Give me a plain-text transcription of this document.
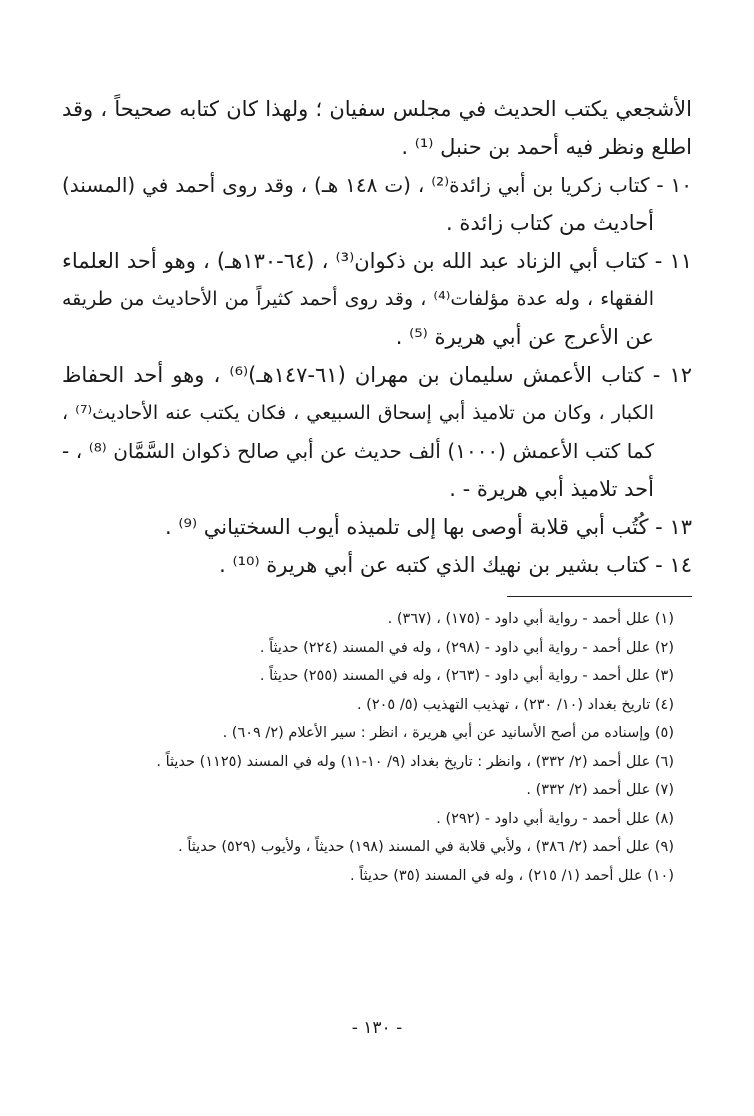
الأشجعي يكتب الحديث في مجلس سفيان ؛ ولهذا كان كتابه صحيحاً ، وقد

اطلع ونظر فيه أحمد بن حنبل ⁽¹⁾ .

١٠ - كتاب زكريا بن أبي زائدة⁽²⁾ ، (ت ١٤٨ هـ) ، وقد روى أحمد في (المسند)

أحاديث من كتاب زائدة .

١١ - كتاب أبي الزناد عبد الله بن ذكوان⁽³⁾ ، (٦٤-١٣٠هـ) ، وهو أحد العلماء

الفقهاء ، وله عدة مؤلفات⁽⁴⁾ ، وقد روى أحمد كثيراً من الأحاديث من طريقه

عن الأعرج عن أبي هريرة ⁽⁵⁾ .

١٢ - كتاب الأعمش سليمان بن مهران (٦١-١٤٧هـ)⁽⁶⁾ ، وهو أحد الحفاظ

الكبار ، وكان من تلاميذ أبي إسحاق السبيعي ، فكان يكتب عنه الأحاديث⁽⁷⁾ ،

كما كتب الأعمش (١٠٠٠) ألف حديث عن أبي صالح ذكوان السَّمَّان ⁽⁸⁾ ، -

أحد تلاميذ أبي هريرة - .

١٣ - كُتُب أبي قلابة أوصى بها إلى تلميذه أيوب السختياني ⁽⁹⁾ .

١٤ - كتاب بشير بن نهيك الذي كتبه عن أبي هريرة ⁽¹⁰⁾ .

(١) علل أحمد - رواية أبي داود - (١٧٥) ، (٣٦٧) .

(٢) علل أحمد - رواية أبي داود - (٢٩٨) ، وله في المسند (٢٢٤) حديثاً .

(٣) علل أحمد - رواية أبي داود - (٢٦٣) ، وله في المسند (٢٥٥) حديثاً .

(٤) تاريخ بغداد (١٠/ ٢٣٠) ، تهذيب التهذيب (٥/ ٢٠٥) .

(٥) وإسناده من أصح الأسانيد عن أبي هريرة ، انظر : سير الأعلام (٢/ ٦٠٩) .

(٦) علل أحمد (٢/ ٣٣٢) ، وانظر : تاريخ بغداد (٩/ ١٠-١١) وله في المسند (١١٢٥) حديثاً .

(٧) علل أحمد (٢/ ٣٣٢) .

(٨) علل أحمد - رواية أبي داود - (٢٩٢) .

(٩) علل أحمد (٢/ ٣٨٦) ، ولأبي قلابة في المسند (١٩٨) حديثاً ، ولأيوب (٥٢٩) حديثاً .

(١٠) علل أحمد (١/ ٢١٥) ، وله في المسند (٣٥) حديثاً .

- ١٣٠ -
